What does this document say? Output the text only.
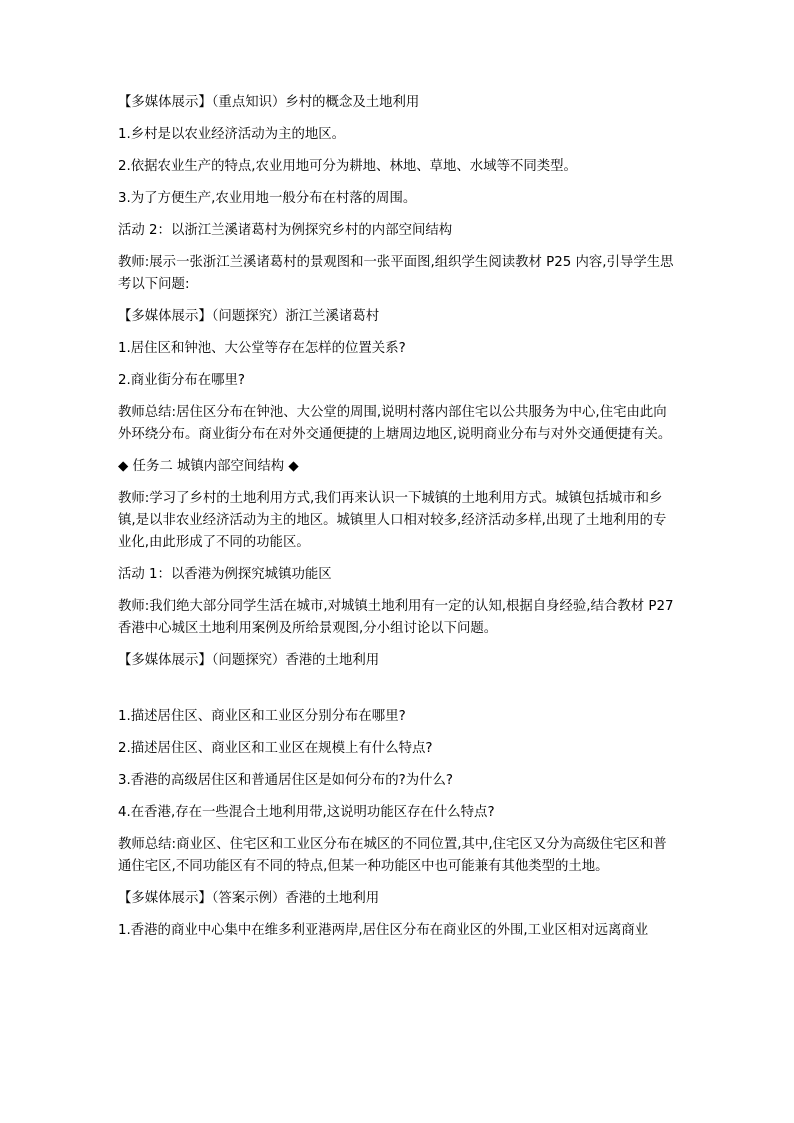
【多媒体展示】（重点知识）乡村的概念及土地利用

1.乡村是以农业经济活动为主的地区。

2.依据农业生产的特点,农业用地可分为耕地、林地、草地、水域等不同类型。

3.为了方便生产,农业用地一般分布在村落的周围。

活动 2：以浙江兰溪诸葛村为例探究乡村的内部空间结构

教师:展示一张浙江兰溪诸葛村的景观图和一张平面图,组织学生阅读教材 P25 内容,引导学生思考以下问题:

【多媒体展示】（问题探究）浙江兰溪诸葛村

1.居住区和钟池、大公堂等存在怎样的位置关系?

2.商业街分布在哪里?

教师总结:居住区分布在钟池、大公堂的周围,说明村落内部住宅以公共服务为中心,住宅由此向外环绕分布。商业街分布在对外交通便捷的上塘周边地区,说明商业分布与对外交通便捷有关。

◆ 任务二 城镇内部空间结构 ◆

教师:学习了乡村的土地利用方式,我们再来认识一下城镇的土地利用方式。城镇包括城市和乡镇,是以非农业经济活动为主的地区。城镇里人口相对较多,经济活动多样,出现了土地利用的专业化,由此形成了不同的功能区。

活动 1：以香港为例探究城镇功能区

教师:我们绝大部分同学生活在城市,对城镇土地利用有一定的认知,根据自身经验,结合教材 P27 香港中心城区土地利用案例及所给景观图,分小组讨论以下问题。

【多媒体展示】（问题探究）香港的土地利用

1.描述居住区、商业区和工业区分别分布在哪里?

2.描述居住区、商业区和工业区在规模上有什么特点?

3.香港的高级居住区和普通居住区是如何分布的?为什么?

4.在香港,存在一些混合土地利用带,这说明功能区存在什么特点?

教师总结:商业区、住宅区和工业区分布在城区的不同位置,其中,住宅区又分为高级住宅区和普通住宅区,不同功能区有不同的特点,但某一种功能区中也可能兼有其他类型的土地。

【多媒体展示】（答案示例）香港的土地利用

1.香港的商业中心集中在维多利亚港两岸,居住区分布在商业区的外围,工业区相对远离商业
